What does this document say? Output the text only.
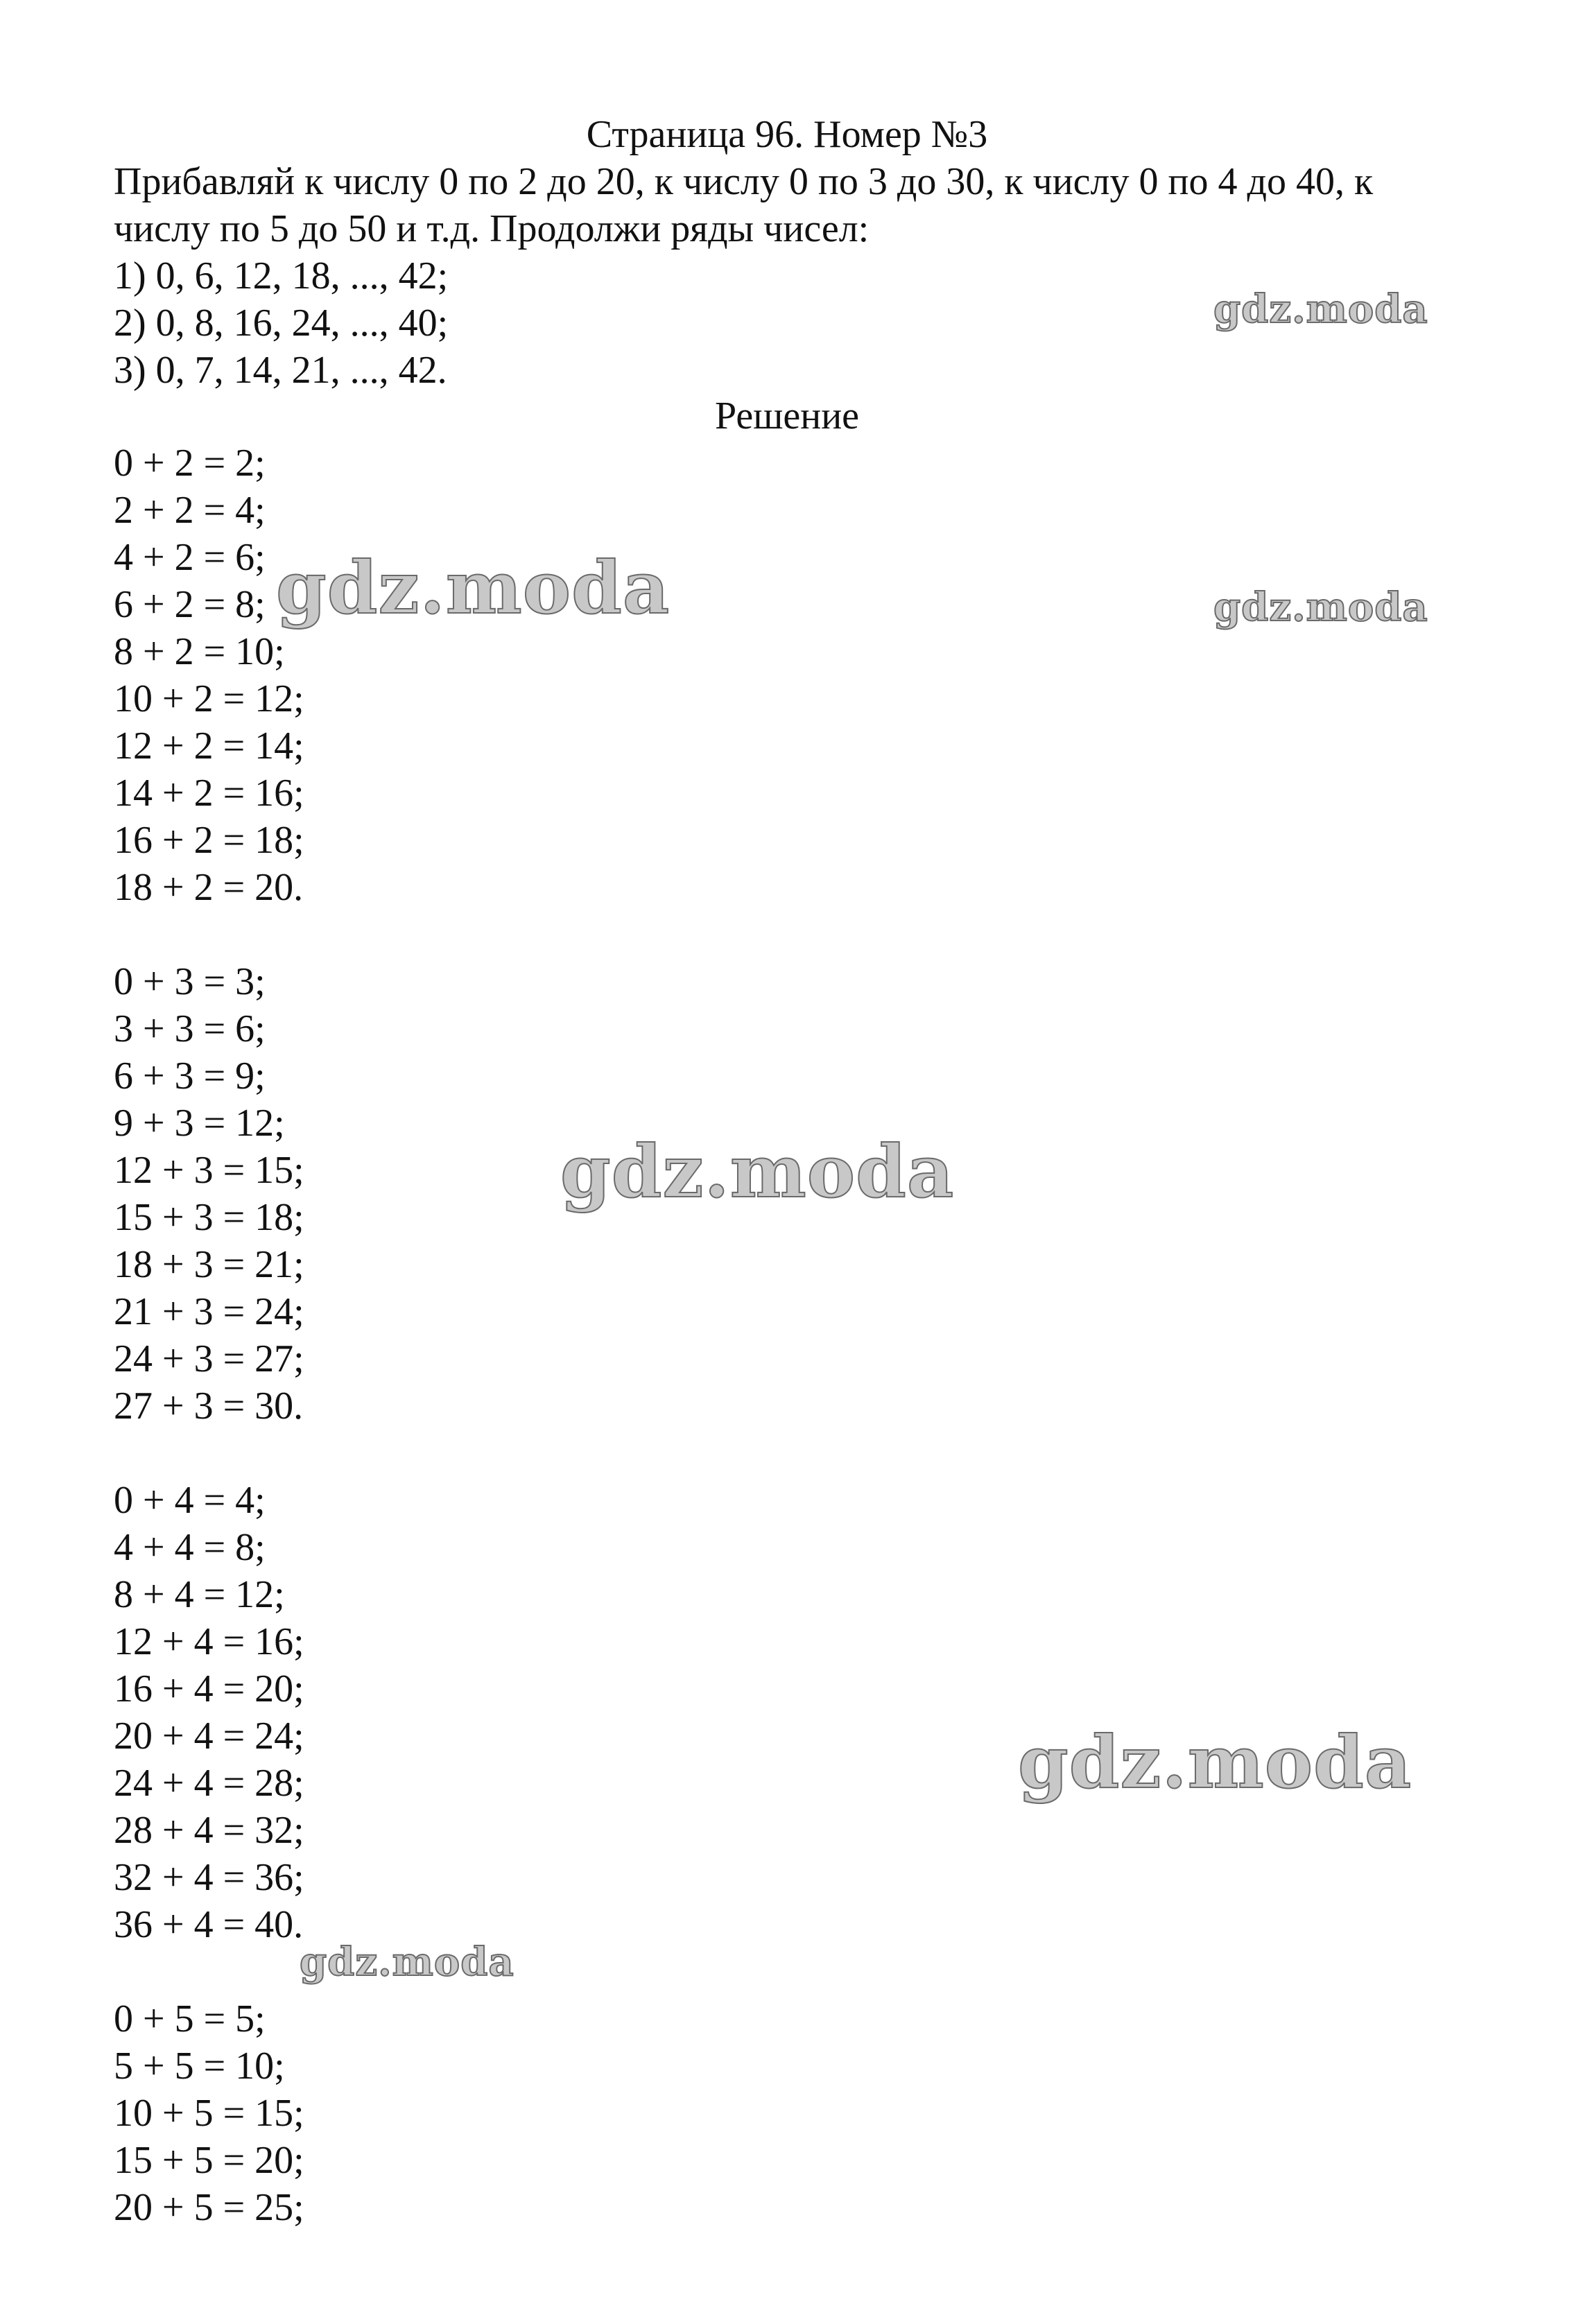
Страница 96. Номер №3
Прибавляй к числу 0 по 2 до 20, к числу 0 по 3 до 30, к числу 0 по 4 до 40, к
числу по 5 до 50 и т.д. Продолжи ряды чисел:
1) 0, 6, 12, 18, ..., 42;
2) 0, 8, 16, 24, ..., 40;
3) 0, 7, 14, 21, ..., 42.
Решение
0 + 2 = 2;
2 + 2 = 4;
4 + 2 = 6;
6 + 2 = 8;
8 + 2 = 10;
10 + 2 = 12;
12 + 2 = 14;
14 + 2 = 16;
16 + 2 = 18;
18 + 2 = 20.
0 + 3 = 3;
3 + 3 = 6;
6 + 3 = 9;
9 + 3 = 12;
12 + 3 = 15;
15 + 3 = 18;
18 + 3 = 21;
21 + 3 = 24;
24 + 3 = 27;
27 + 3 = 30.
0 + 4 = 4;
4 + 4 = 8;
8 + 4 = 12;
12 + 4 = 16;
16 + 4 = 20;
20 + 4 = 24;
24 + 4 = 28;
28 + 4 = 32;
32 + 4 = 36;
36 + 4 = 40.
0 + 5 = 5;
5 + 5 = 10;
10 + 5 = 15;
15 + 5 = 20;
20 + 5 = 25;
gdz.moda
gdz.moda	gdz.moda
gdz.moda
gdz.moda
gdz.moda
